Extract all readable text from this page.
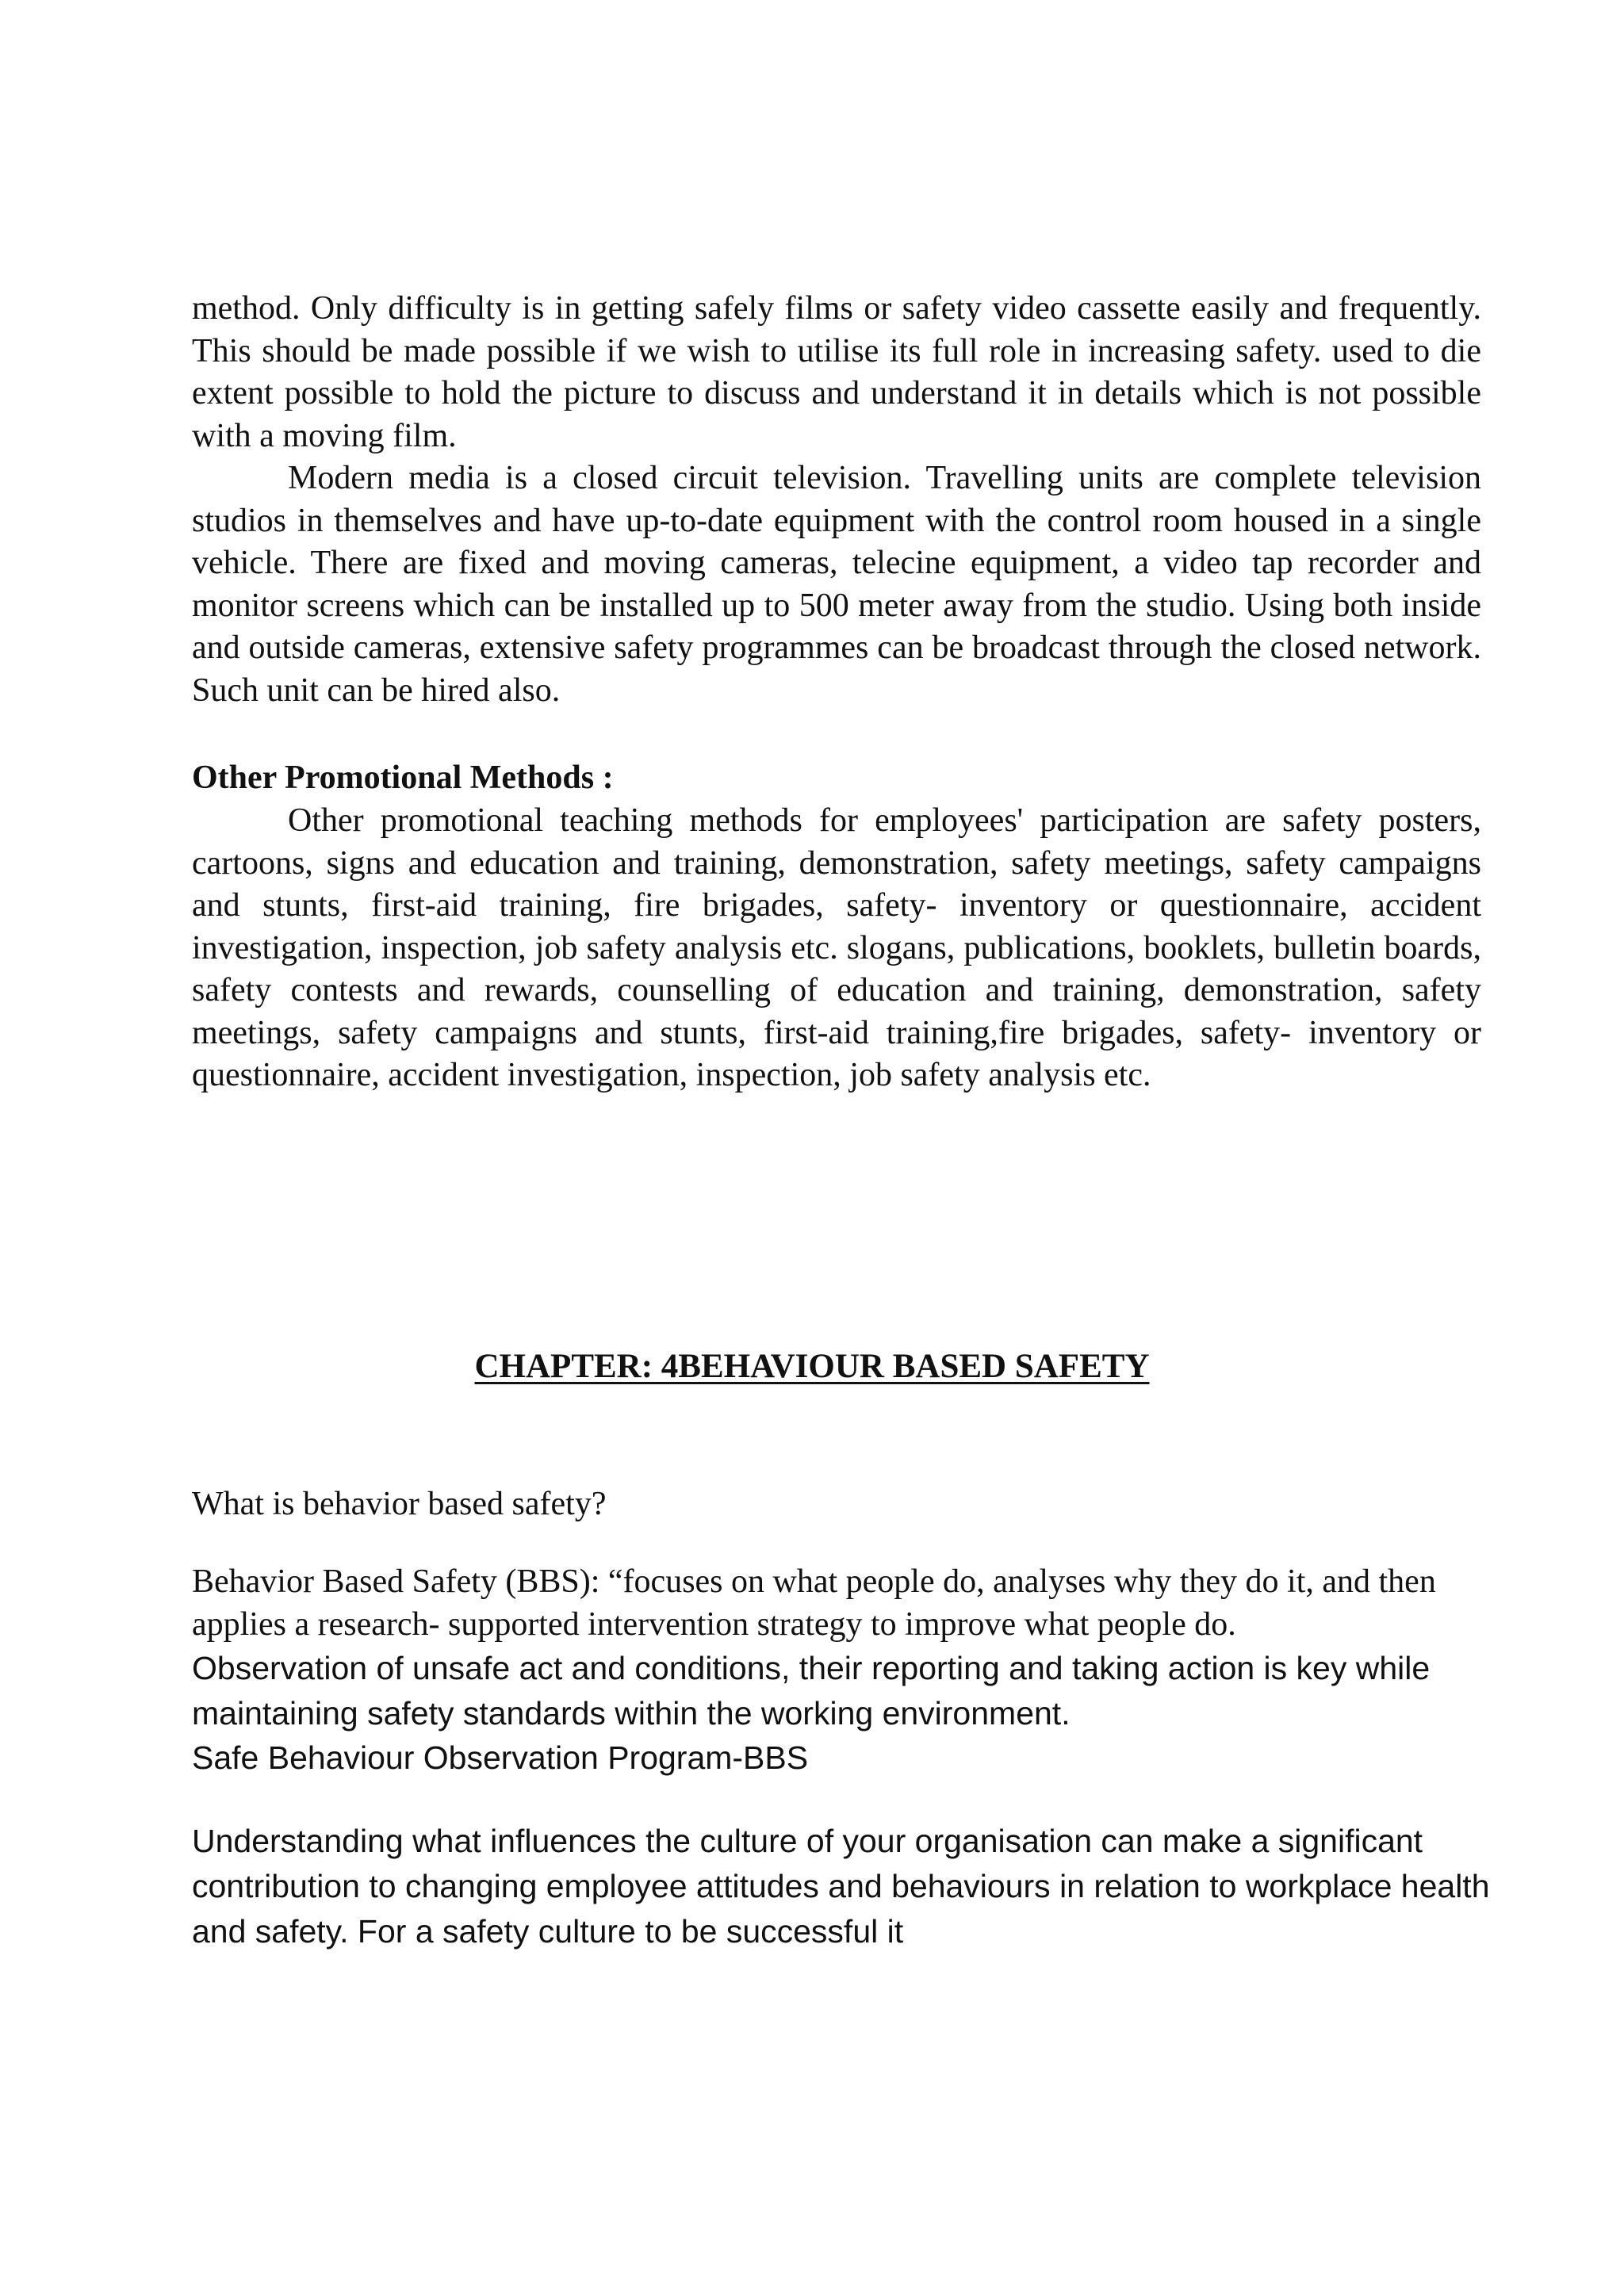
method. Only difficulty is in getting safely films or safety video cassette easily and frequently. This should be made possible if we wish to utilise its full role in increasing safety. used to die extent possible to hold the picture to discuss and understand it in details which is not possible with a moving film.

Modern media is a closed circuit television. Travelling units are complete television studios in themselves and have up-to-date equipment with the control room housed in a single vehicle. There are fixed and moving cameras, telecine equipment, a video tap recorder and monitor screens which can be installed up to 500 meter away from the studio. Using both inside and outside cameras, extensive safety programmes can be broadcast through the closed network. Such unit can be hired also.

Other Promotional Methods :

Other promotional teaching methods for employees' participation are safety posters, cartoons, signs and education and training, demonstration, safety meetings, safety campaigns and stunts, first-aid training, fire brigades, safety- inventory or questionnaire, accident investigation, inspection, job safety analysis etc. slogans, publications, booklets, bulletin boards, safety contests and rewards, counselling of education and training, demonstration, safety meetings, safety campaigns and stunts, first-aid training,fire brigades, safety- inventory or questionnaire, accident investigation, inspection, job safety analysis etc.

CHAPTER: 4BEHAVIOUR BASED SAFETY

What is behavior based safety?

Behavior Based Safety (BBS): “focuses on what people do, analyses why they do it, and then applies a research- supported intervention strategy to improve what people do.

Observation of unsafe act and conditions, their reporting and taking action is key while maintaining safety standards within the working environment.

Safe Behaviour Observation Program-BBS

Understanding what influences the culture of your organisation can make a significant contribution to changing employee attitudes and behaviours in relation to workplace health and safety. For a safety culture to be successful it
